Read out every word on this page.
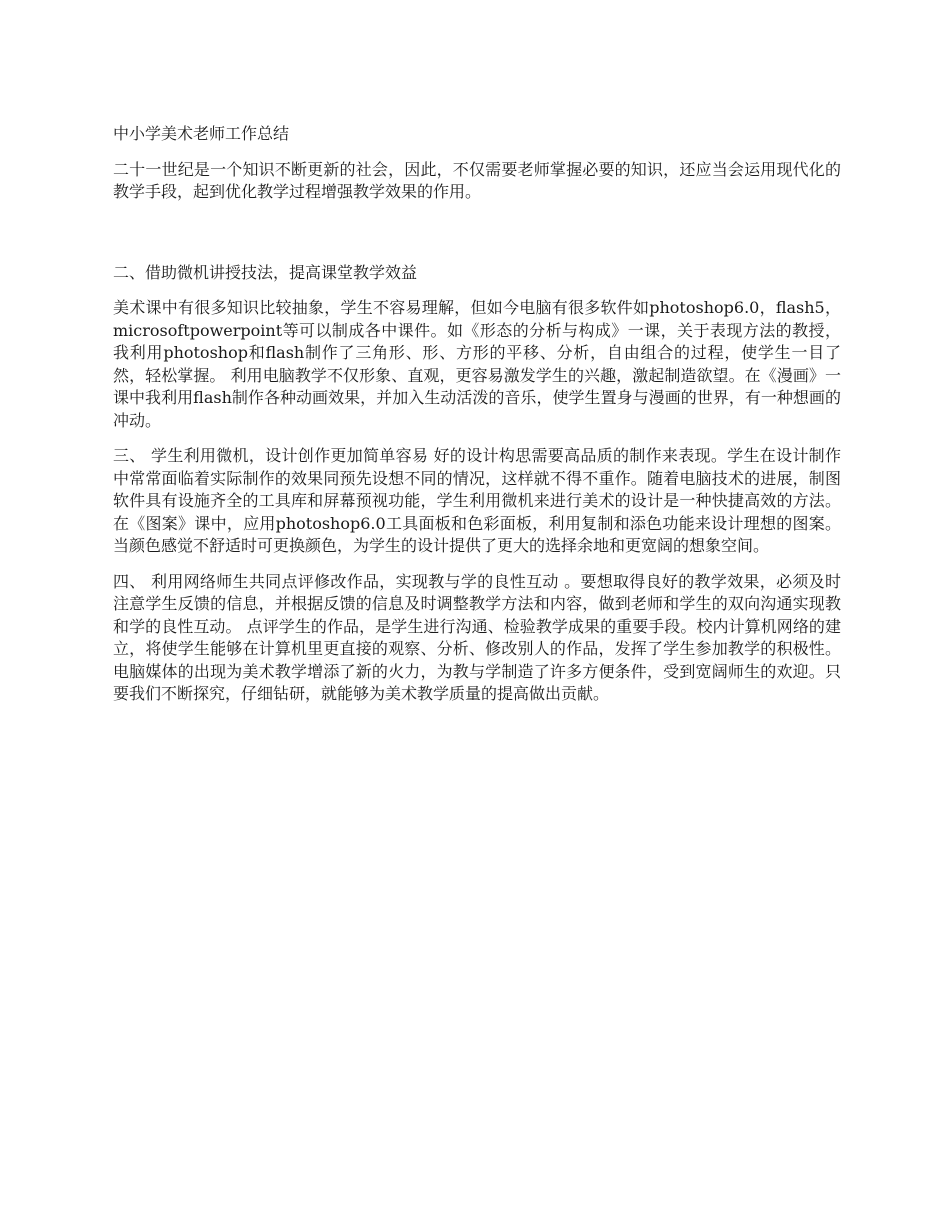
中小学美术老师工作总结

二十一世纪是一个知识不断更新的社会，因此，不仅需要老师掌握必要的知识，还应当会运用现代化的教学手段，起到优化教学过程增强教学效果的作用。

二、借助微机讲授技法，提高课堂教学效益

美术课中有很多知识比较抽象，学生不容易理解，但如今电脑有很多软件如photoshop6.0，flash5，microsoftpowerpoint等可以制成各中课件。如《形态的分析与构成》一课，关于表现方法的教授，我利用photoshop和flash制作了三角形、形、方形的平移、分析，自由组合的过程，使学生一目了然，轻松掌握。 利用电脑教学不仅形象、直观，更容易激发学生的兴趣，激起制造欲望。在《漫画》一课中我利用flash制作各种动画效果，并加入生动活泼的音乐，使学生置身与漫画的世界，有一种想画的冲动。

三、 学生利用微机，设计创作更加简单容易 好的设计构思需要高品质的制作来表现。学生在设计制作中常常面临着实际制作的效果同预先设想不同的情况，这样就不得不重作。随着电脑技术的进展，制图软件具有设施齐全的工具库和屏幕预视功能，学生利用微机来进行美术的设计是一种快捷高效的方法。在《图案》课中，应用photoshop6.0工具面板和色彩面板，利用复制和添色功能来设计理想的图案。当颜色感觉不舒适时可更换颜色，为学生的设计提供了更大的选择余地和更宽阔的想象空间。

四、 利用网络师生共同点评修改作品，实现教与学的良性互动 。要想取得良好的教学效果，必须及时注意学生反馈的信息，并根据反馈的信息及时调整教学方法和内容，做到老师和学生的双向沟通实现教和学的良性互动。 点评学生的作品，是学生进行沟通、检验教学成果的重要手段。校内计算机网络的建立，将使学生能够在计算机里更直接的观察、分析、修改别人的作品，发挥了学生参加教学的积极性。 电脑媒体的出现为美术教学增添了新的火力，为教与学制造了许多方便条件，受到宽阔师生的欢迎。只要我们不断探究，仔细钻研，就能够为美术教学质量的提高做出贡献。
